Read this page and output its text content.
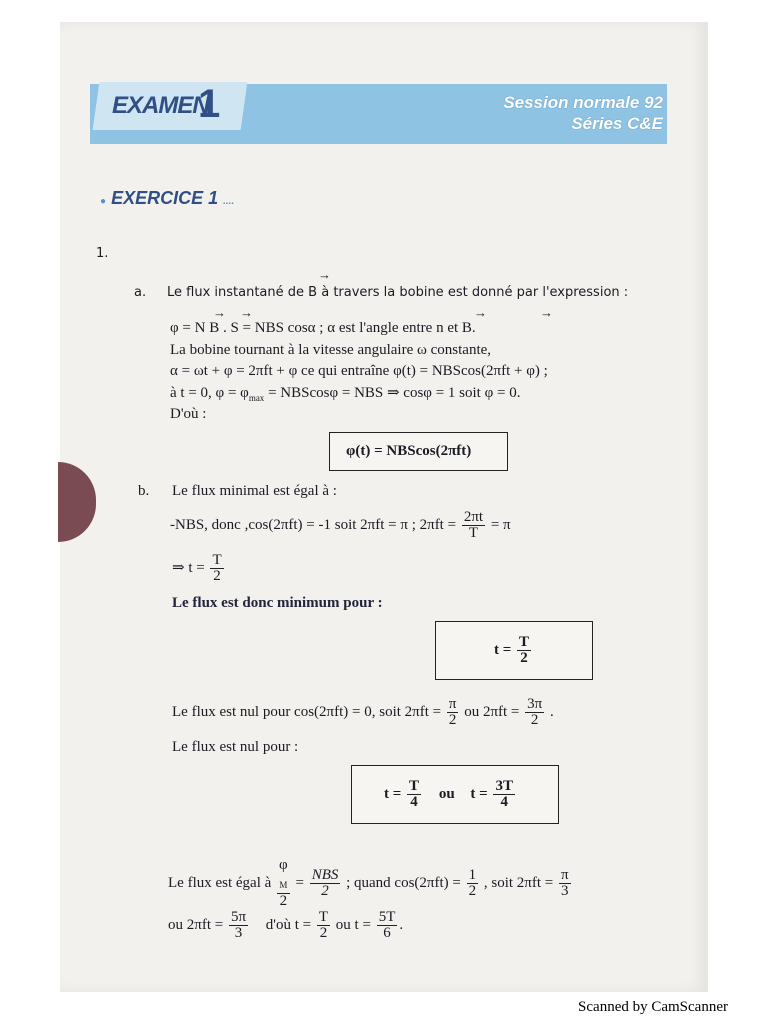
EXAMEN
1	Session normale 92
Séries C&E
● EXERCICE 1 ....
1.
a. Le flux instantané de B à travers la bobine est donné par l'expression :
→
→ →	→	→
φ = N B . S = NBS cosα ; α est l'angle entre n et B.
La bobine tournant à la vitesse angulaire ω constante,
α = ωt + φ = 2πft + φ ce qui entraîne φ(t) = NBScos(2πft + φ) ;
à t = 0, $\varphi = \varphi_{max} = NBScos\varphi$ = NBS ⇒ cosφ = 1 soit φ = 0.
D'où :
φ(t) = NBScos(2πft)
b. Le flux minimal est égal à :
-NBS, donc ,cos(2πft) = -1 soit 2πft = π ; $2\pi ft = \frac{2\pi t}{T} = \pi$
⇒ $t = \frac{T}{2}$
Le flux est donc minimum pour :
$t = \frac{T}{2}$
Le flux est nul pour cos(2πft) = 0, soit $2\pi ft = \frac{\pi}{2}$ ou $2\pi ft = \frac{3\pi}{2}$ .
Le flux est nul pour :
$t = \frac{T}{4}$ ou $t = \frac{3T}{4}$
Le flux est égal à φ
$_M$
$2 = \frac{\text{NBS}}{2}$ ; quand $\cos(2\pi ft) = \frac{1}{2}$ , soit $2\pi ft = \frac{\pi}{3}$
ou $2\pi ft = \frac{5\pi}{3}$ d'où $t = \frac{T}{2}$ ou $t = \frac{5T}{6}$ .
Scanned by CamScanner
